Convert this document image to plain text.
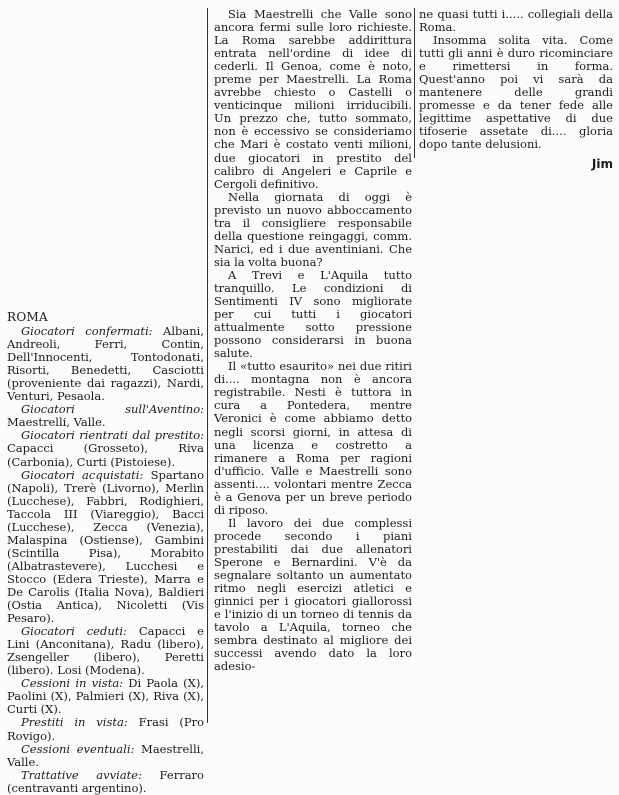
ROMA

Giocatori confermati: Albani, Andreoli, Ferri, Contin, Dell'Innocenti, Tontodonati, Risorti, Benedetti, Casciotti (proveniente dai ragazzi), Nardi, Venturi, Pesaola.

Giocatori sull'Aventino: Maestrelli, Valle.

Giocatori rientrati dal prestito: Capacci (Grosseto), Riva (Carbonia), Curti (Pistoiese).

Giocatori acquistati: Spartano (Napoli), Trerè (Livorno), Merlin (Lucchese), Fabbri, Rodighieri, Taccola III (Viareggio), Bacci (Lucchese), Zecca (Venezia), Malaspina (Ostiense), Gambini (Scintilla Pisa), Morabito (Albatrastevere), Lucchesi e Stocco (Edera Trieste), Marra e De Carolis (Italia Nova), Baldieri (Ostia Antica), Nicoletti (Vis Pesaro).

Giocatori ceduti: Capacci e Lini (Anconitana), Radu (libero), Zsengeller (libero), Peretti (libero). Losi (Modena).

Cessioni in vista: Di Paola (X), Paolini (X), Palmieri (X), Riva (X), Curti (X).

Prestiti in vista: Frasi (Pro Rovigo).

Cessioni eventuali: Maestrelli, Valle.

Trattative avviate: Ferraro (centravanti argentino).

Sia Maestrelli che Valle sono ancora fermi sulle loro richieste. La Roma sarebbe addirittura entrata nell'ordine di idee di cederli. Il Genoa, come è noto, preme per Maestrelli. La Roma avrebbe chiesto o Castelli o venticinque milioni irriducibili. Un prezzo che, tutto sommato, non è eccessivo se consideriamo che Mari è costato venti milioni, due giocatori in prestito del calibro di Angeleri e Caprile e Cergoli definitivo.

Nella giornata di oggi è previsto un nuovo abboccamento tra il consigliere responsabile della questione reingaggi, comm. Narici, ed i due aventiniani. Che sia la volta buona?

A Trevi e L'Aquila tutto tranquillo. Le condizioni di Sentimenti IV sono migliorate per cui tutti i giocatori attualmente sotto pressione possono considerarsi in buona salute.

Il «tutto esaurito» nei due ritiri di.... montagna non è ancora registrabile. Nesti è tuttora in cura a Pontedera, mentre Veronici è come abbiamo detto negli scorsi giorni, in attesa di una licenza e costretto a rimanere a Roma per ragioni d'ufficio. Valle e Maestrelli sono assenti.... volontari mentre Zecca è a Genova per un breve periodo di riposo.

Il lavoro dei due complessi procede secondo i piani prestabiliti dai due allenatori Sperone e Bernardini. V'è da segnalare soltanto un aumentato ritmo negli esercizi atletici e ginnici per i giocatori giallorossi e l'inizio di un torneo di tennis da tavolo a L'Aquila, torneo che sembra destinato al migliore dei successi avendo dato la loro adesio-

ne quasi tutti i..... collegiali della Roma.

Insomma solita vita. Come tutti gli anni è duro ricominciare e rimettersi in forma. Quest'anno poi vi sarà da mantenere delle grandi promesse e da tener fede alle legittime aspettative di due tifoserie assetate di.... gloria dopo tante delusioni.

Jim
